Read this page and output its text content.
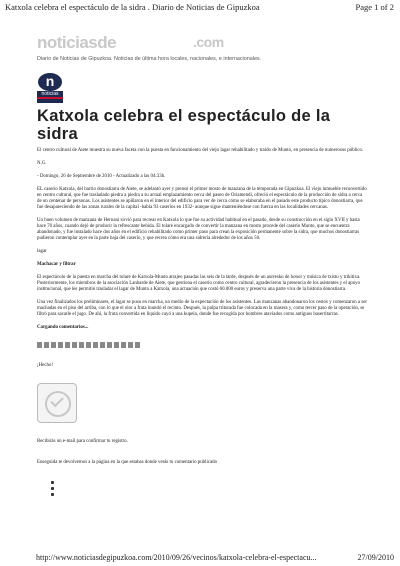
Katxola celebra el espectáculo de la sidra . Diario de Noticias de Gipuzkoa	Page 1 of 2
noticiasde	.com
Diario de Noticias de Gipuzkoa. Noticias de última hora locales, nacionales, e internacionales.
n
noticias
Katxola celebra el espectáculo de la sidra

El centro cultural de Aiete muestra su nueva faceta con la puesta en funcionamiento del viejo lagar rehabilitado y traído de Munto, en presencia de numerosos público.

N.G.

- Domingo, 26 de Septiembre de 2010 - Actualizado a las 04:33h.

EL caserío Katxola, del barrio donostiarra de Aiete, se adelantó ayer y prensó el primer mosto de manzana de la temporada en Gipuzkoa. El viejo inmueble reconvertido en centro cultural, que fue trasladado piedra a piedra a su actual emplazamiento cerca del paseo de Oriamendi, ofreció el espectáculo de la producción de sidra a cerca de un centenar de personas. Los asistentes se apiñaron en el interior del edificio para ver de cerca cómo se elaboraba en el pasado este producto típico donostiarra, que fue desapareciendo de las zonas rurales de la capital -había 93 caseríos en 1932- aunque sigue manteniéndose con fuerza en las localidades cercanas.

Un buen volumen de manzana de Hernani sirvió para recrear en Katxola lo que fue su actividad habitual en el pasado, desde su construcción en el siglo XVII y hasta hace 70 años, cuando dejó de producir la refrescante bebida. El tolare encargado de convertir la manzana en mosto procede del caserío Munto, que se encuentra abandonado, y fue instalado hace dos años en el edificio rehabilitado como primer paso para crean la exposición permanente sobre la sidra, que muchos donostiarras pudieron contemplar ayer en la parte baja del caserío, y que recrea cómo era una sidrería alrededor de los años 50.

lagar

Machacar y filtrar

El espectáculo de la puesta en marcha del tolare de Katxola-Munto atrajeo pasadas las seis de la tarde, después de un aurresku de honor y música de txistu y trikitixa. Posteriormente, los miembros de la asociación Lanbarde de Aiete, que gestiona el caserío como centro cultural, agradecieron la presencia de los asistentes y el apoyo institucional, que les permitió trasladar el lagar de Munto a Katxola, una actuación que costó 60.000 euros y preserva una parte viva de la historia donostiarra.

Una vez finalizados los preliminares, el lagar se puso en marcha, un medio de la expectación de los asistentes. Las manzanas abandonaron los cestos y comenzaron a ser machadas en el piso del arriba, con lo que el olor a fruta inundó el recinto. Después, la pulpa triturada fue colocada en la masera y, como tercer paso de la operación, se filtró para sacarle el jugo. De ahí, la fruta convertida en líquido cayó a una kupela, donde fue recogida por hombres ataviados como antiguos baserritarras.

Cargando comentarios...

¡Hecho!

Recibirás un e-mail para confirmar tu registro.

Enseguida te devolvemos a la página en la que estabas donde verás tu comentario publicado

http://www.noticiasdegipuzkoa.com/2010/09/26/vecinos/katxola-celebra-el-espectacu...	27/09/2010
